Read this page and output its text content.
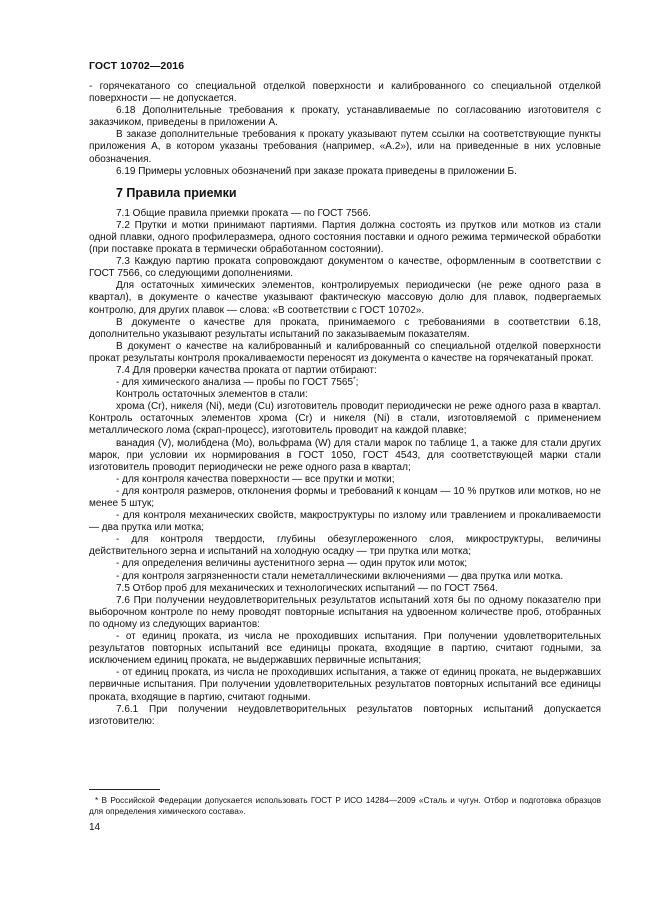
ГОСТ 10702—2016

- горячекатаного со специальной отделкой поверхности и калиброванного со специальной отделкой поверхности — не допускается.

6.18 Дополнительные требования к прокату, устанавливаемые по согласованию изготовителя с заказчиком, приведены в приложении А.

В заказе дополнительные требования к прокату указывают путем ссылки на соответствующие пункты приложения А, в котором указаны требования (например, «А.2»), или на приведенные в них условные обозначения.

6.19 Примеры условных обозначений при заказе проката приведены в приложении Б.

7 Правила приемки

7.1 Общие правила приемки проката — по ГОСТ 7566.

7.2 Прутки и мотки принимают партиями. Партия должна состоять из прутков или мотков из стали одной плавки, одного профилеразмера, одного состояния поставки и одного режима термической обработки (при поставке проката в термически обработанном состоянии).

7.3 Каждую партию проката сопровождают документом о качестве, оформленным в соответствии с ГОСТ 7566, со следующими дополнениями.

Для остаточных химических элементов, контролируемых периодически (не реже одного раза в квартал), в документе о качестве указывают фактическую массовую долю для плавок, подвергаемых контролю, для других плавок — слова: «В соответствии с ГОСТ 10702».

В документе о качестве для проката, принимаемого с требованиями в соответствии 6.18, дополнительно указывают результаты испытаний по заказываемым показателям.

В документ о качестве на калиброванный и калиброванный со специальной отделкой поверхности прокат результаты контроля прокаливаемости переносят из документа о качестве на горячекатаный прокат.

7.4 Для проверки качества проката от партии отбирают:

- для химического анализа — пробы по ГОСТ 7565*;

Контроль остаточных элементов в стали:

хрома (Cr), никеля (Ni), меди (Cu) изготовитель проводит периодически не реже одного раза в квартал. Контроль остаточных элементов хрома (Cr) и никеля (Ni) в стали, изготовляемой с применением металлического лома (скрап-процесс), изготовитель проводит на каждой плавке;

ванадия (V), молибдена (Mo), вольфрама (W) для стали марок по таблице 1, а также для стали других марок, при условии их нормирования в ГОСТ 1050, ГОСТ 4543, для соответствующей марки стали изготовитель проводит периодически не реже одного раза в квартал;

- для контроля качества поверхности — все прутки и мотки;

- для контроля размеров, отклонения формы и требований к концам — 10 % прутков или мотков, но не менее 5 штук;

- для контроля механических свойств, макроструктуры по излому или травлением и прокаливаемости — два прутка или мотка;

- для контроля твердости, глубины обезуглероженного слоя, микроструктуры, величины действительного зерна и испытаний на холодную осадку — три прутка или мотка;

- для определения величины аустенитного зерна — один пруток или моток;

- для контроля загрязненности стали неметаллическими включениями — два прутка или мотка.

7.5 Отбор проб для механических и технологических испытаний — по ГОСТ 7564.

7.6 При получении неудовлетворительных результатов испытаний хотя бы по одному показателю при выборочном контроле по нему проводят повторные испытания на удвоенном количестве проб, отобранных по одному из следующих вариантов:

- от единиц проката, из числа не проходивших испытания. При получении удовлетворительных результатов повторных испытаний все единицы проката, входящие в партию, считают годными, за исключением единиц проката, не выдержавших первичные испытания;

- от единиц проката, из числа не проходивших испытания, а также от единиц проката, не выдержавших первичные испытания. При получении удовлетворительных результатов повторных испытаний все единицы проката, входящие в партию, считают годными.

7.6.1 При получении неудовлетворительных результатов повторных испытаний допускается изготовителю:

* В Российской Федерации допускается использовать ГОСТ Р ИСО 14284—2009 «Сталь и чугун. Отбор и подготовка образцов для определения химического состава».
14
